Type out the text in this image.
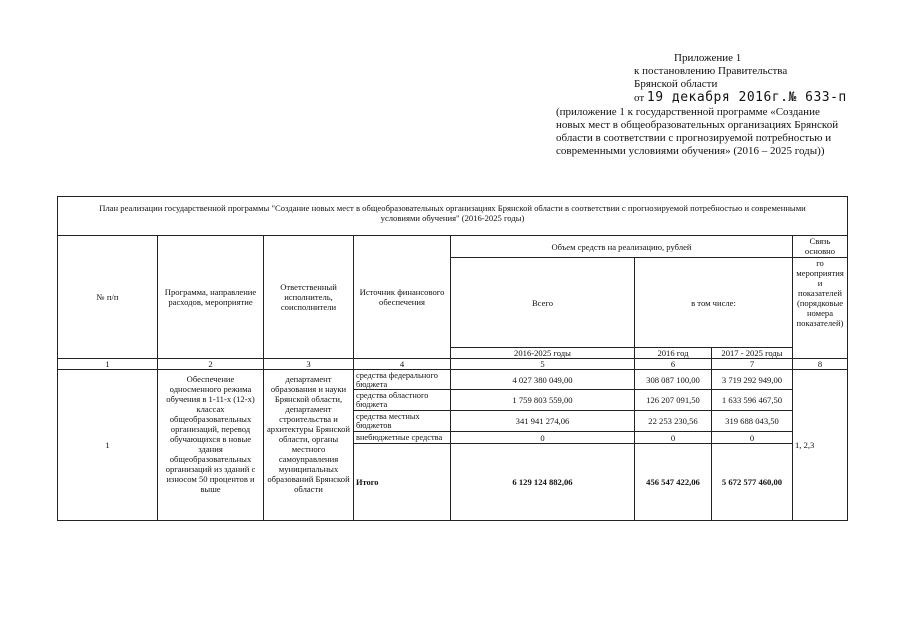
Приложение 1
к постановлению Правительства
Брянской области
от 19 декабря 2016г.№ 633-п
(приложение 1 к государственной программе «Создание
новых мест в общеобразовательных организациях Брянской
области в соответствии с прогнозируемой потребностью и
современными условиями обучения» (2016 – 2025 годы))
План реализации государственной программы "Создание новых мест в общеобразовательных организациях Брянской области в соответствии с прогнозируемой потребностью и современными условиями обучения" (2016-2025 годы)							
№ п/п	Программа, направление расходов, мероприятие	Ответственный исполнитель, соисполнители	Источник финансового обеспечения	Объем средств на реализацию, рублей			Связь основно
				Всего	в том числе:		го мероприятия и показателей (порядковые номера показателей)
				2016-2025 годы	2016 год	2017 - 2025 годы	
1	2	3	4	5	6	7	8
1	Обеспечение односменного режима обучения в 1-11-х (12-х) классах общеобразовательных организаций, перевод обучающихся в новые здания общеобразовательных организаций из зданий с износом 50 процентов и выше	департамент образования и науки Брянской области, департамент строительства и архитектуры Брянской области, органы местного самоуправления муниципальных образований Брянской области	средства федерального бюджета	4 027 380 049,00	308 087 100,00	3 719 292 949,00	1, 2,3
			средства областного бюджета	1 759 803 559,00	126 207 091,50	1 633 596 467,50	
			средства местных бюджетов	341 941 274,06	22 253 230,56	319 688 043,50	
			внебюджетные средства	0	0	0	
			Итого	6 129 124 882,06	456 547 422,06	5 672 577 460,00	
